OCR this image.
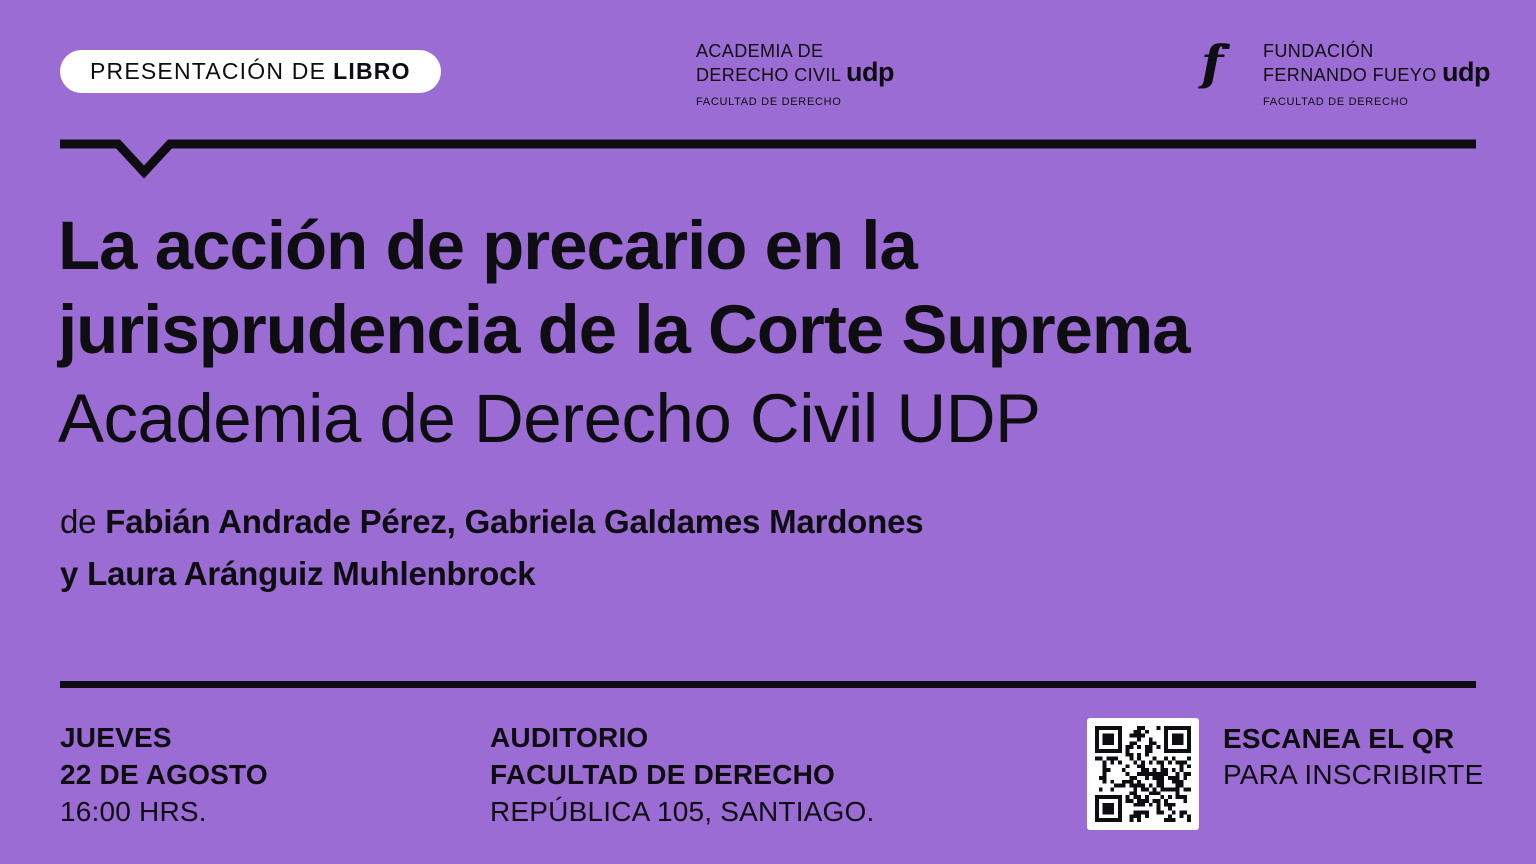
PRESENTACIÓN DE LIBRO
ACADEMIA DE
DERECHO CIVIL udp
FACULTAD DE DERECHO
fff	FUNDACIÓN
FERNANDO FUEYO udp
FACULTAD DE DERECHO
La acción de precario en la
jurisprudencia de la Corte Suprema
Academia de Derecho Civil UDP
de Fabián Andrade Pérez, Gabriela Galdames Mardones
y Laura Aránguiz Muhlenbrock
JUEVES
22 DE AGOSTO
16:00 HRS.
AUDITORIO
FACULTAD DE DERECHO
REPÚBLICA 105, SANTIAGO.
ESCANEA EL QR
PARA INSCRIBIRTE
